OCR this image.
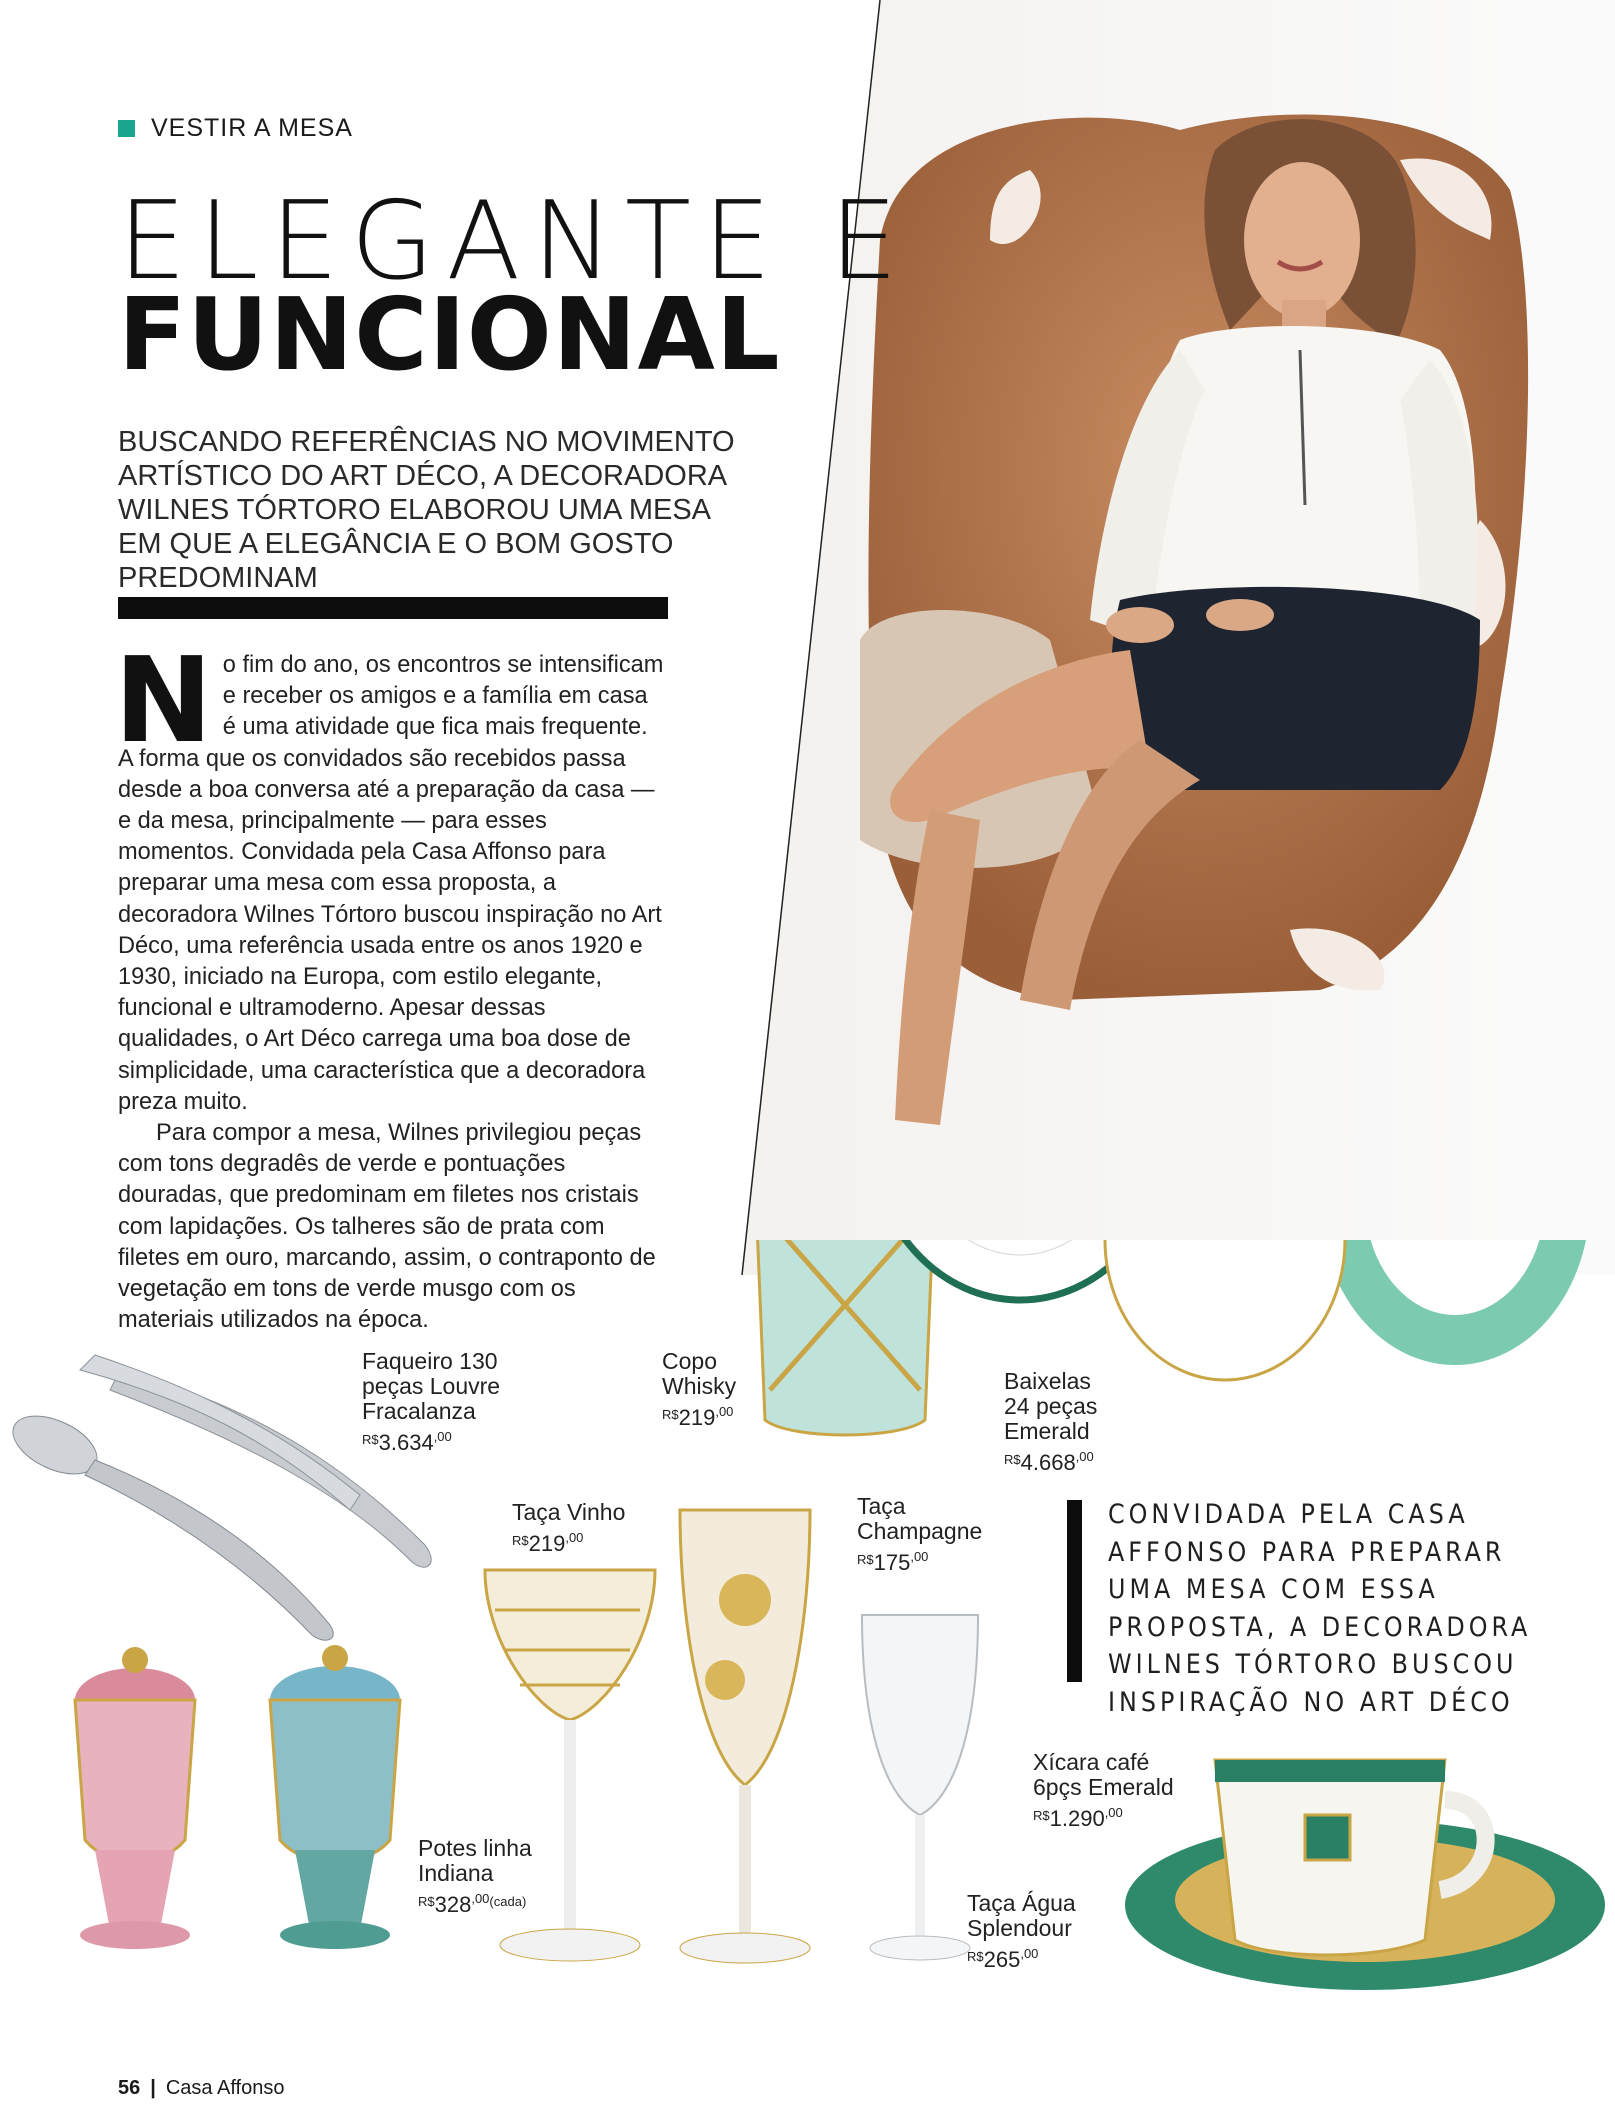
VESTIR A MESA
ELEGANTE E
FUNCIONAL
BUSCANDO REFERÊNCIAS NO MOVIMENTO ARTÍSTICO DO ART DÉCO, A DECORADORA WILNES TÓRTORO ELABOROU UMA MESA EM QUE A ELEGÂNCIA E O BOM GOSTO PREDOMINAM

No fim do ano, os encontros se intensificam e receber os amigos e a família em casa é uma atividade que fica mais frequente. A forma que os convidados são recebidos passa desde a boa conversa até a preparação da casa — e da mesa, principalmente — para esses momentos. Convidada pela Casa Affonso para preparar uma mesa com essa proposta, a decoradora Wilnes Tórtoro buscou inspiração no Art Déco, uma referência usada entre os anos 1920 e 1930, iniciado na Europa, com estilo elegante, funcional e ultramoderno. Apesar dessas qualidades, o Art Déco carrega uma boa dose de simplicidade, uma característica que a decoradora preza muito.

Para compor a mesa, Wilnes privilegiou peças com tons degradês de verde e pontuações douradas, que predominam em filetes nos cristais com lapidações. Os talheres são de prata com filetes em ouro, marcando, assim, o contraponto de vegetação em tons de verde musgo com os materiais utilizados na época.

Faqueiro 130
peças Louvre
Fracalanza
$^{R\$}3.634^{,00}$
Copo
Whisky
$^{R\$}219^{,00}$
Baixelas
24 peças
Emerald
$^{R\$}4.668^{,00}$
Taça Vinho
$^{R\$}219^{,00}$
Taça
Champagne
$^{R\$}175^{,00}$
Potes linha
Indiana
$^{R\$}$328$^{,00(cada)}$
Xícara café
6pçs Emerald
$^{R\$}1.290^{,00}$
Taça Água
Splendour
$^{R\$}265^{,00}$
CONVIDADA PELA CASA AFFONSO PARA PREPARAR UMA MESA COM ESSA PROPOSTA, A DECORADORA WILNES TÓRTORO BUSCOU INSPIRAÇÃO NO ART DÉCO
56 | Casa Affonso
